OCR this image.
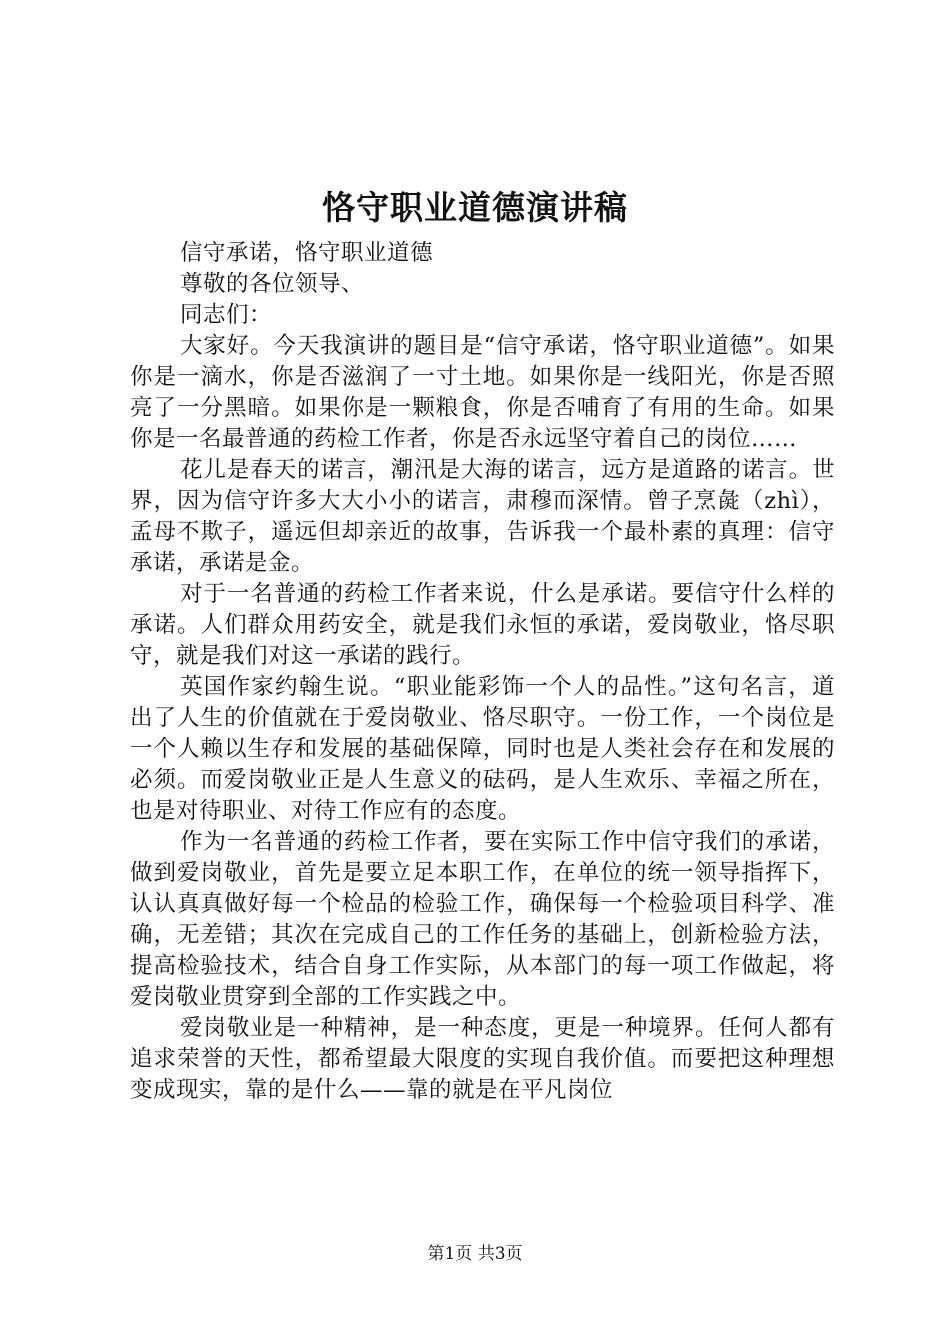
恪守职业道德演讲稿

信守承诺，恪守职业道德

尊敬的各位领导、

同志们：

大家好。今天我演讲的题目是“信守承诺，恪守职业道德”。如果你是一滴水，你是否滋润了一寸土地。如果你是一线阳光，你是否照亮了一分黑暗。如果你是一颗粮食，你是否哺育了有用的生命。如果你是一名最普通的药检工作者，你是否永远坚守着自己的岗位……

花儿是春天的诺言，潮汛是大海的诺言，远方是道路的诺言。世界，因为信守许多大大小小的诺言，肃穆而深情。曾子烹彘（zhì），孟母不欺子，遥远但却亲近的故事，告诉我一个最朴素的真理：信守承诺，承诺是金。

对于一名普通的药检工作者来说，什么是承诺。要信守什么样的承诺。人们群众用药安全，就是我们永恒的承诺，爱岗敬业，恪尽职守，就是我们对这一承诺的践行。

英国作家约翰生说。“职业能彩饰一个人的品性。”这句名言，道出了人生的价值就在于爱岗敬业、恪尽职守。一份工作，一个岗位是一个人赖以生存和发展的基础保障，同时也是人类社会存在和发展的必须。而爱岗敬业正是人生意义的砝码，是人生欢乐、幸福之所在，也是对待职业、对待工作应有的态度。

作为一名普通的药检工作者，要在实际工作中信守我们的承诺，做到爱岗敬业，首先是要立足本职工作，在单位的统一领导指挥下，认认真真做好每一个检品的检验工作，确保每一个检验项目科学、准确，无差错；其次在完成自己的工作任务的基础上，创新检验方法，提高检验技术，结合自身工作实际，从本部门的每一项工作做起，将爱岗敬业贯穿到全部的工作实践之中。

爱岗敬业是一种精神，是一种态度，更是一种境界。任何人都有追求荣誉的天性，都希望最大限度的实现自我价值。而要把这种理想变成现实，靠的是什么——靠的就是在平凡岗位

第1页 共3页
